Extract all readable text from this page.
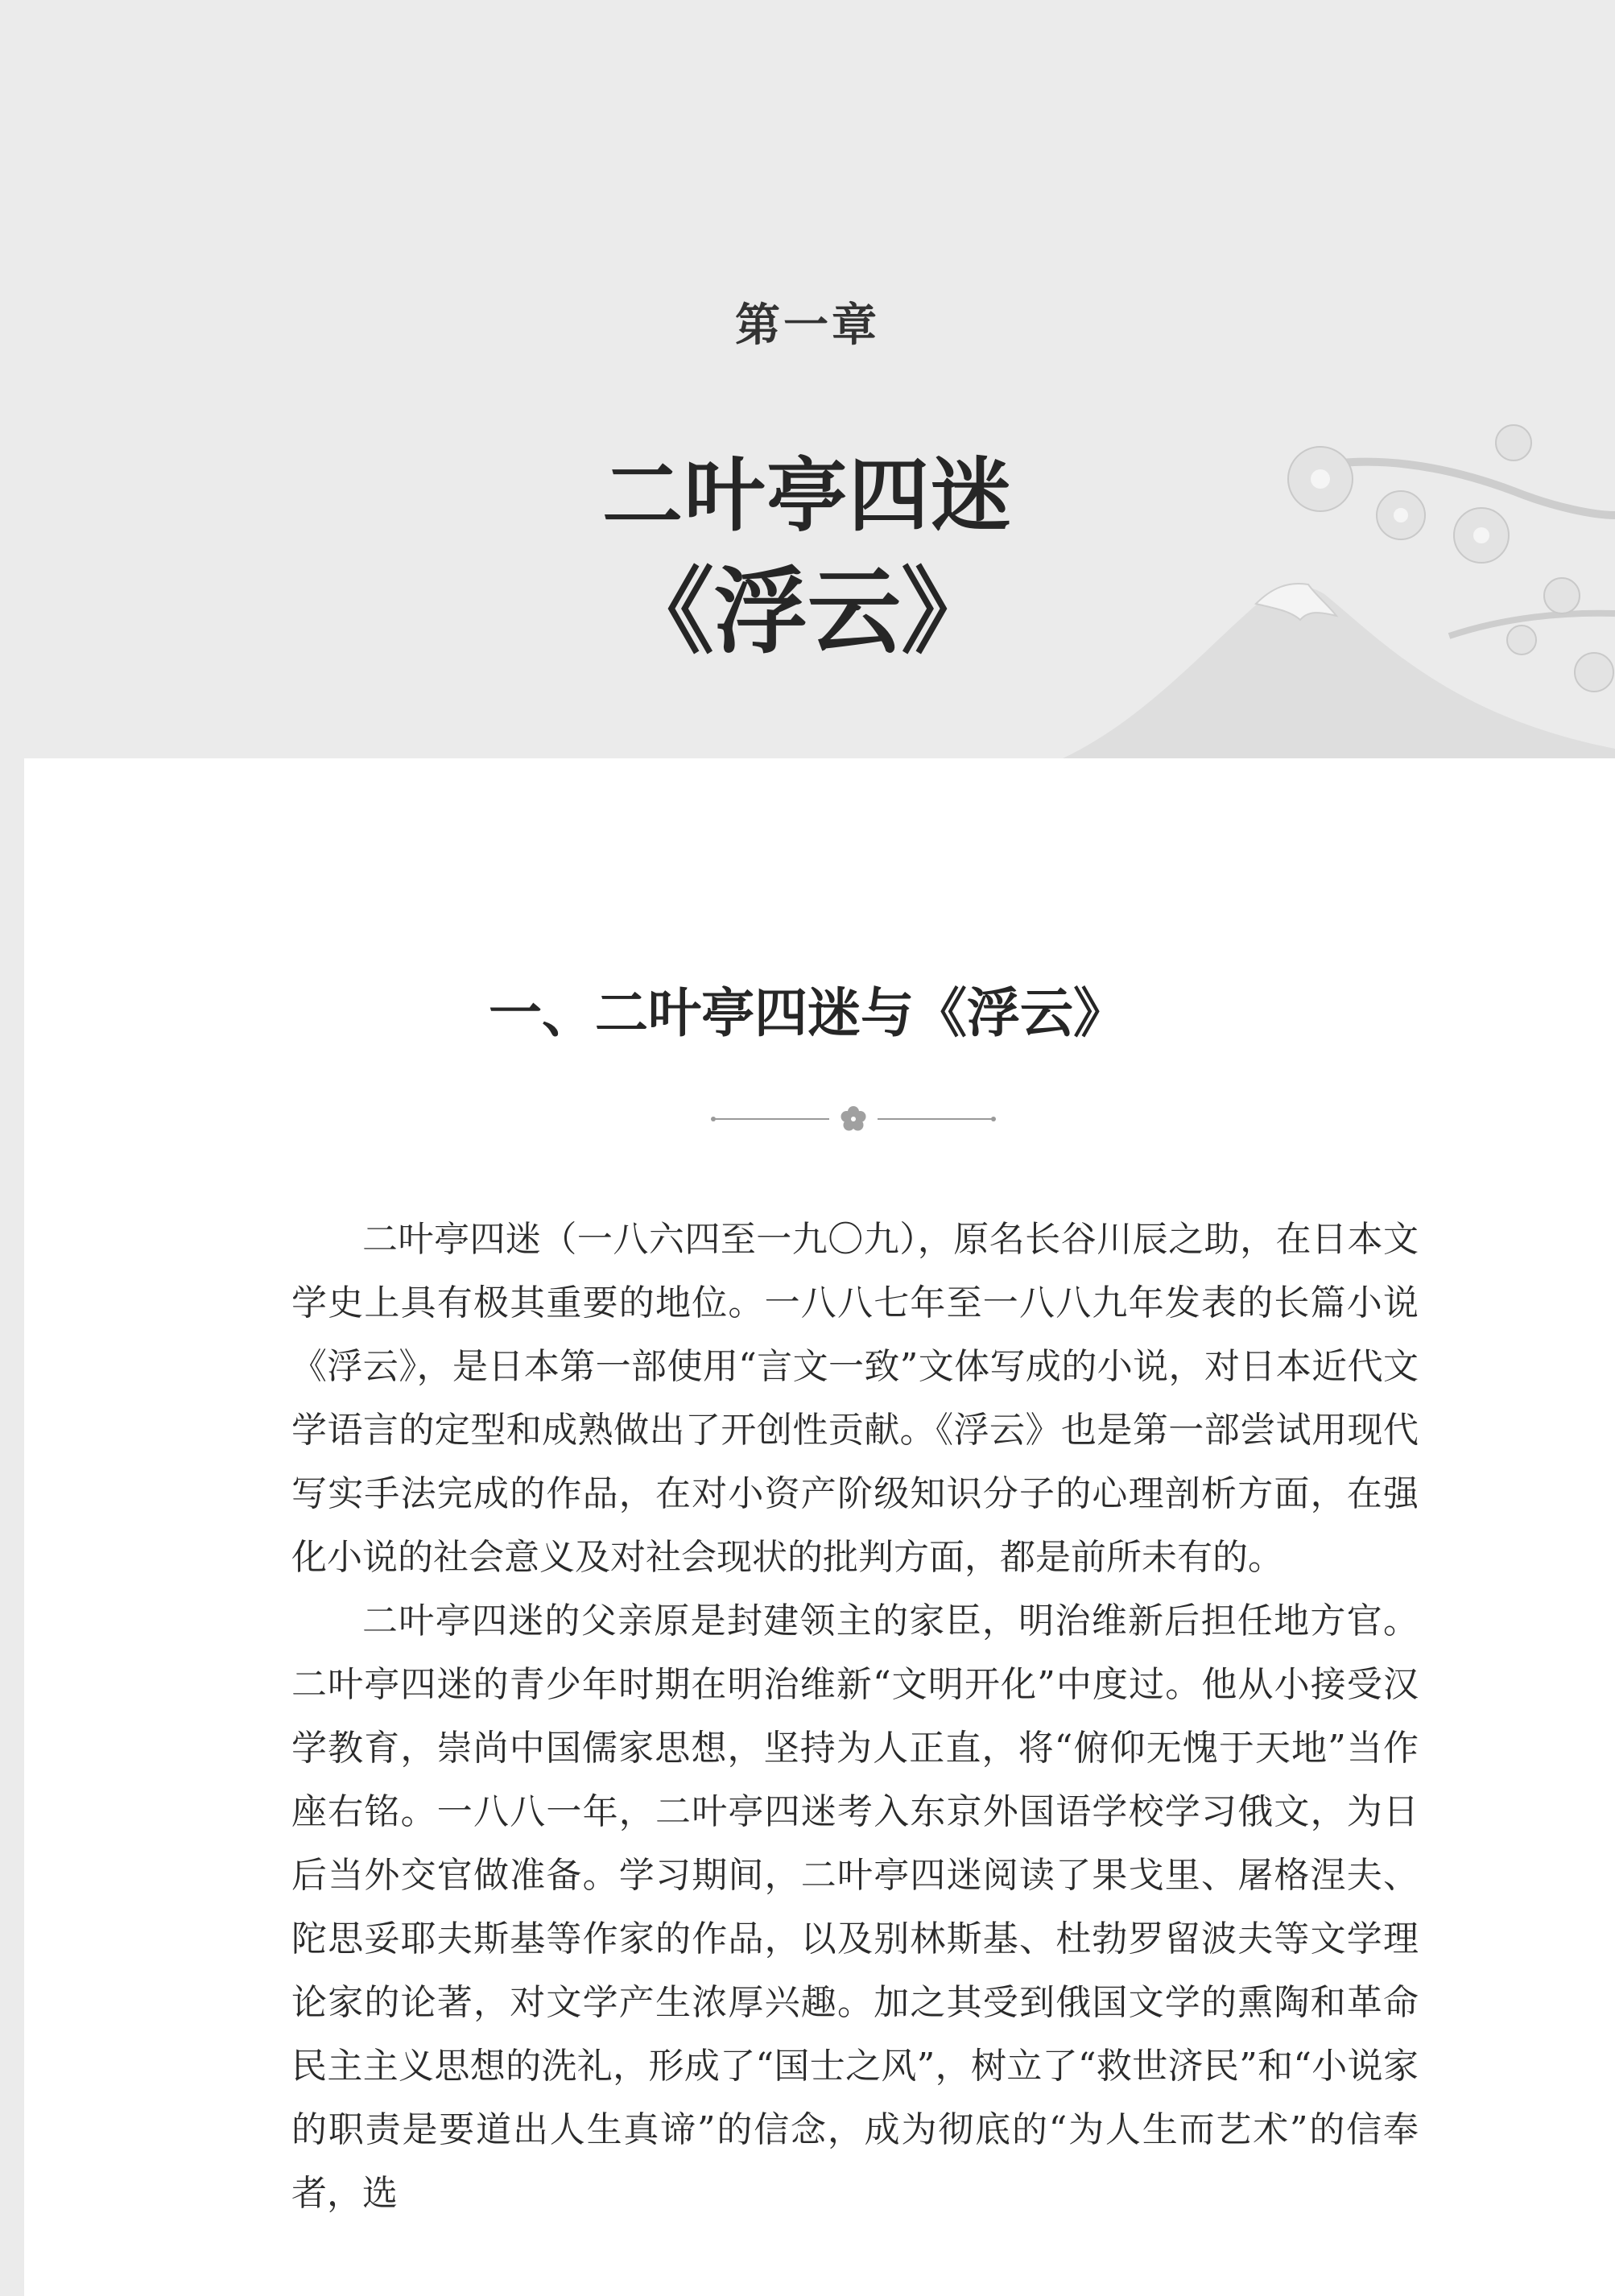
第一章
二叶亭四迷
《浮云》
一、二叶亭四迷与《浮云》

二叶亭四迷（一八六四至一九〇九），原名长谷川辰之助，在日本文学史上具有极其重要的地位。一八八七年至一八八九年发表的长篇小说《浮云》，是日本第一部使用“言文一致”文体写成的小说，对日本近代文学语言的定型和成熟做出了开创性贡献。《浮云》也是第一部尝试用现代写实手法完成的作品，在对小资产阶级知识分子的心理剖析方面，在强化小说的社会意义及对社会现状的批判方面，都是前所未有的。

二叶亭四迷的父亲原是封建领主的家臣，明治维新后担任地方官。二叶亭四迷的青少年时期在明治维新“文明开化”中度过。他从小接受汉学教育，崇尚中国儒家思想，坚持为人正直，将“俯仰无愧于天地”当作座右铭。一八八一年，二叶亭四迷考入东京外国语学校学习俄文，为日后当外交官做准备。学习期间，二叶亭四迷阅读了果戈里、屠格涅夫、陀思妥耶夫斯基等作家的作品，以及别林斯基、杜勃罗留波夫等文学理论家的论著，对文学产生浓厚兴趣。加之其受到俄国文学的熏陶和革命民主主义思想的洗礼，形成了“国士之风”，树立了“救世济民”和“小说家的职责是要道出人生真谛”的信念，成为彻底的“为人生而艺术”的信奉者，选
